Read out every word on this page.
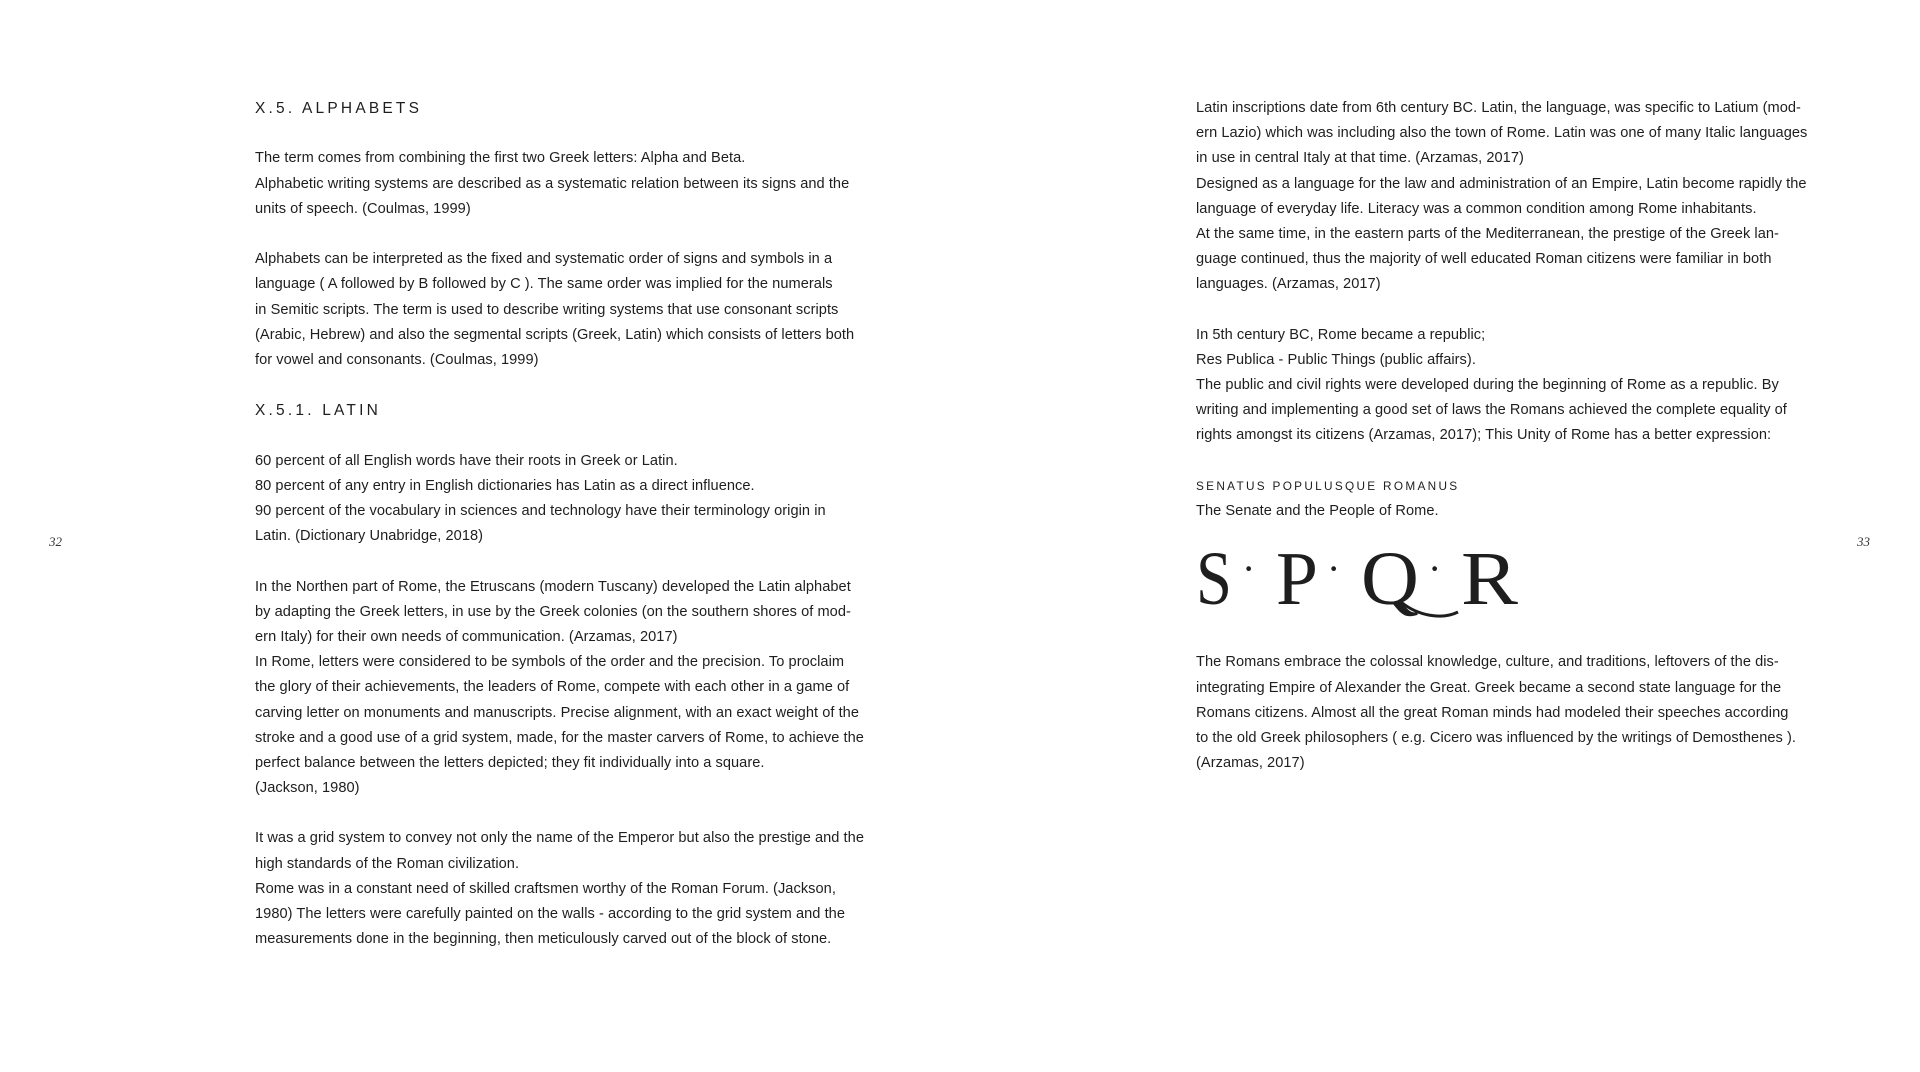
32	33
X.5. ALPHABETS
The term comes from combining the first two Greek letters: Alpha and Beta.
Alphabetic writing systems are described as a systematic relation between its signs and the
units of speech. (Coulmas, 1999)
Alphabets can be interpreted as the fixed and systematic order of signs and symbols in a
language ( A followed by B followed by C ). The same order was implied for the numerals
in Semitic scripts. The term is used to describe writing systems that use consonant scripts
(Arabic, Hebrew) and also the segmental scripts (Greek, Latin) which consists of letters both
for vowel and consonants. (Coulmas, 1999)
X.5.1. LATIN
60 percent of all English words have their roots in Greek or Latin.
80 percent of any entry in English dictionaries has Latin as a direct influence.
90 percent of the vocabulary in sciences and technology have their terminology origin in
Latin. (Dictionary Unabridge, 2018)
In the Northen part of Rome, the Etruscans (modern Tuscany) developed the Latin alphabet
by adapting the Greek letters, in use by the Greek colonies (on the southern shores of mod-
ern Italy) for their own needs of communication. (Arzamas, 2017)
In Rome, letters were considered to be symbols of the order and the precision. To proclaim
the glory of their achievements, the leaders of Rome, compete with each other in a game of
carving letter on monuments and manuscripts. Precise alignment, with an exact weight of the
stroke and a good use of a grid system, made, for the master carvers of Rome, to achieve the
perfect balance between the letters depicted; they fit individually into a square.
(Jackson, 1980)
It was a grid system to convey not only the name of the Emperor but also the prestige and the
high standards of the Roman civilization.
Rome was in a constant need of skilled craftsmen worthy of the Roman Forum. (Jackson,
1980) The letters were carefully painted on the walls - according to the grid system and the
measurements done in the beginning, then meticulously carved out of the block of stone.
Latin inscriptions date from 6th century BC. Latin, the language, was specific to Latium (mod-
ern Lazio) which was including also the town of Rome. Latin was one of many Italic languages
in use in central Italy at that time. (Arzamas, 2017)
Designed as a language for the law and administration of an Empire, Latin become rapidly the
language of everyday life. Literacy was a common condition among Rome inhabitants.
At the same time, in the eastern parts of the Mediterranean, the prestige of the Greek lan-
guage continued, thus the majority of well educated Roman citizens were familiar in both
languages. (Arzamas, 2017)
In 5th century BC, Rome became a republic;
Res Publica - Public Things (public affairs).
The public and civil rights were developed during the beginning of Rome as a republic. By
writing and implementing a good set of laws the Romans achieved the complete equality of
rights amongst its citizens (Arzamas, 2017); This Unity of Rome has a better expression:
SENATUS POPULUSQUE ROMANUS
The Senate and the People of Rome.
S · P · Q · R
The Romans embrace the colossal knowledge, culture, and traditions, leftovers of the dis-
integrating Empire of Alexander the Great. Greek became a second state language for the
Romans citizens. Almost all the great Roman minds had modeled their speeches according
to the old Greek philosophers ( e.g. Cicero was influenced by the writings of Demosthenes ).
(Arzamas, 2017)
